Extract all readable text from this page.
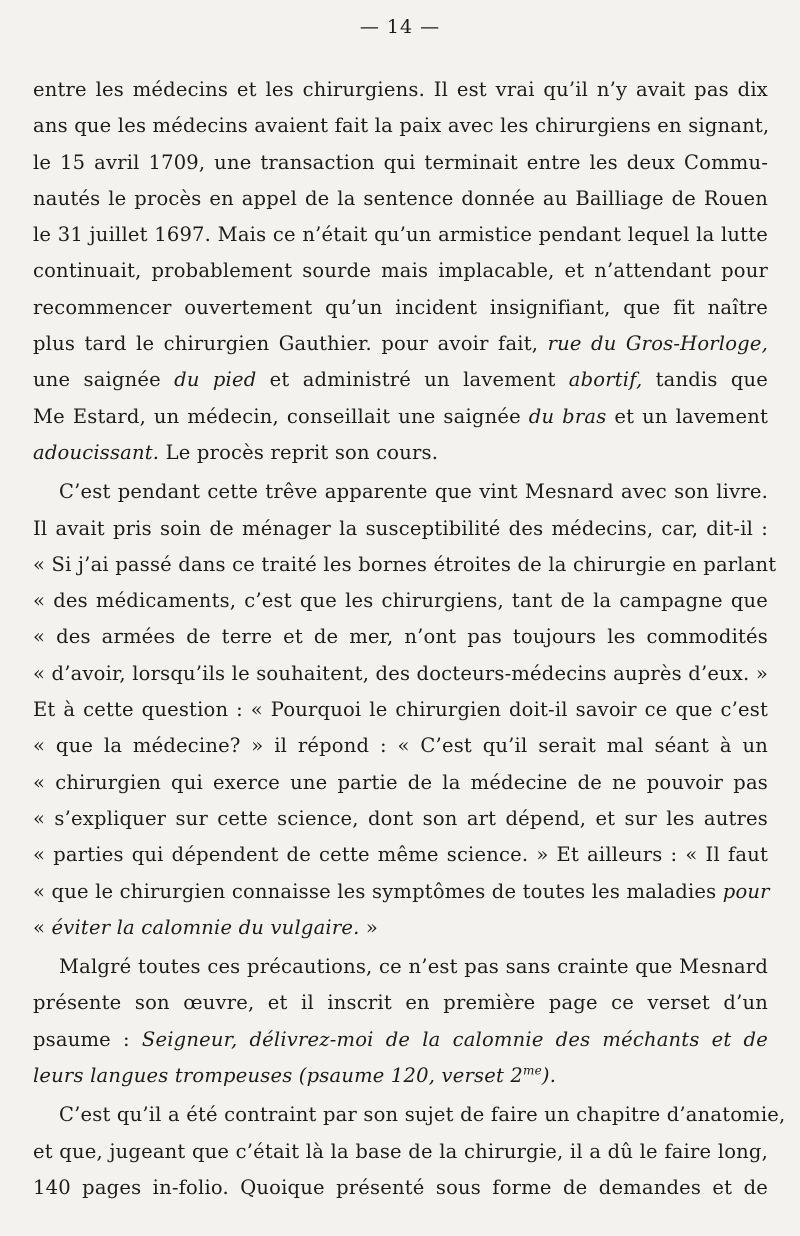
— 14 —
entre les médecins et les chirurgiens. Il est vrai qu’il n’y avait pas dix
ans que les médecins avaient fait la paix avec les chirurgiens en signant,
le 15 avril 1709, une transaction qui terminait entre les deux Commu-
nautés le procès en appel de la sentence donnée au Bailliage de Rouen
le 31 juillet 1697. Mais ce n’était qu’un armistice pendant lequel la lutte
continuait, probablement sourde mais implacable, et n’attendant pour
recommencer ouvertement qu’un incident insignifiant, que fit naître
plus tard le chirurgien Gauthier. pour avoir fait, rue du Gros-Horloge,
une saignée du pied et administré un lavement abortif, tandis que
Me Estard, un médecin, conseillait une saignée du bras et un lavement
adoucissant. Le procès reprit son cours.
C’est pendant cette trêve apparente que vint Mesnard avec son livre.
Il avait pris soin de ménager la susceptibilité des médecins, car, dit-il :
« Si j’ai passé dans ce traité les bornes étroites de la chirurgie en parlant
« des médicaments, c’est que les chirurgiens, tant de la campagne que
« des armées de terre et de mer, n’ont pas toujours les commodités
« d’avoir, lorsqu’ils le souhaitent, des docteurs-médecins auprès d’eux. »
Et à cette question : « Pourquoi le chirurgien doit-il savoir ce que c’est
« que la médecine? » il répond : « C’est qu’il serait mal séant à un
« chirurgien qui exerce une partie de la médecine de ne pouvoir pas
« s’expliquer sur cette science, dont son art dépend, et sur les autres
« parties qui dépendent de cette même science. » Et ailleurs : « Il faut
« que le chirurgien connaisse les symptômes de toutes les maladies pour
« éviter la calomnie du vulgaire. »
Malgré toutes ces précautions, ce n’est pas sans crainte que Mesnard
présente son œuvre, et il inscrit en première page ce verset d’un
psaume : Seigneur, délivrez-moi de la calomnie des méchants et de
leurs langues trompeuses (psaume 120, verset $2^{me}$).
C’est qu’il a été contraint par son sujet de faire un chapitre d’anatomie,
et que, jugeant que c’était là la base de la chirurgie, il a dû le faire long,
140 pages in-folio. Quoique présenté sous forme de demandes et de
